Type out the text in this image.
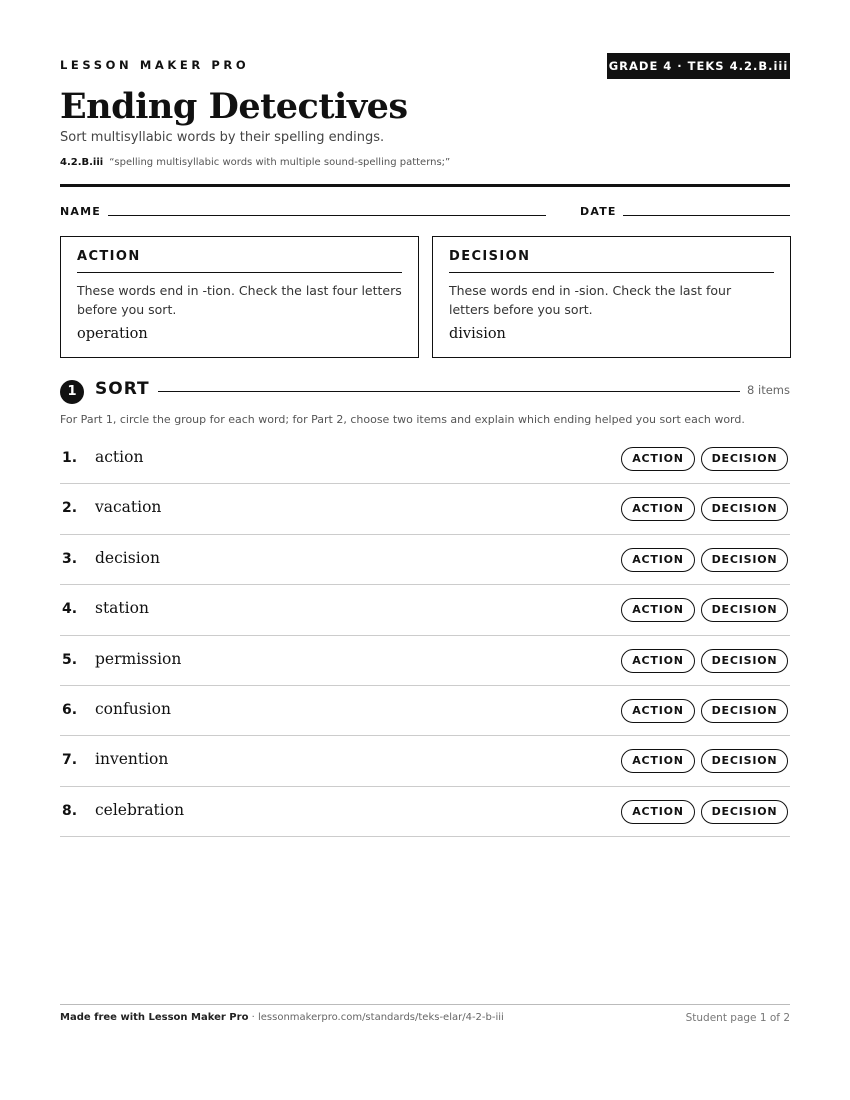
LESSON MAKER PRO	GRADE 4 · TEKS 4.2.B.iii
Ending Detectives
Sort multisyllabic words by their spelling endings.
4.2.B.iii “spelling multisyllabic words with multiple sound-spelling patterns;”
NAME	DATE
ACTION
These words end in -tion. Check the last four letters before you sort.
operation
DECISION
These words end in -sion. Check the last four letters before you sort.
division
1	SORT	8 items
For Part 1, circle the group for each word; for Part 2, choose two items and explain which ending helped you sort each word.
1. action	ACTION	DECISION
2. vacation	ACTION	DECISION
3. decision	ACTION	DECISION
4. station	ACTION	DECISION
5. permission	ACTION	DECISION
6. confusion	ACTION	DECISION
7. invention	ACTION	DECISION
8. celebration	ACTION	DECISION
Made free with Lesson Maker Pro · lessonmakerpro.com/standards/teks-elar/4-2-b-iii	Student page 1 of 2
